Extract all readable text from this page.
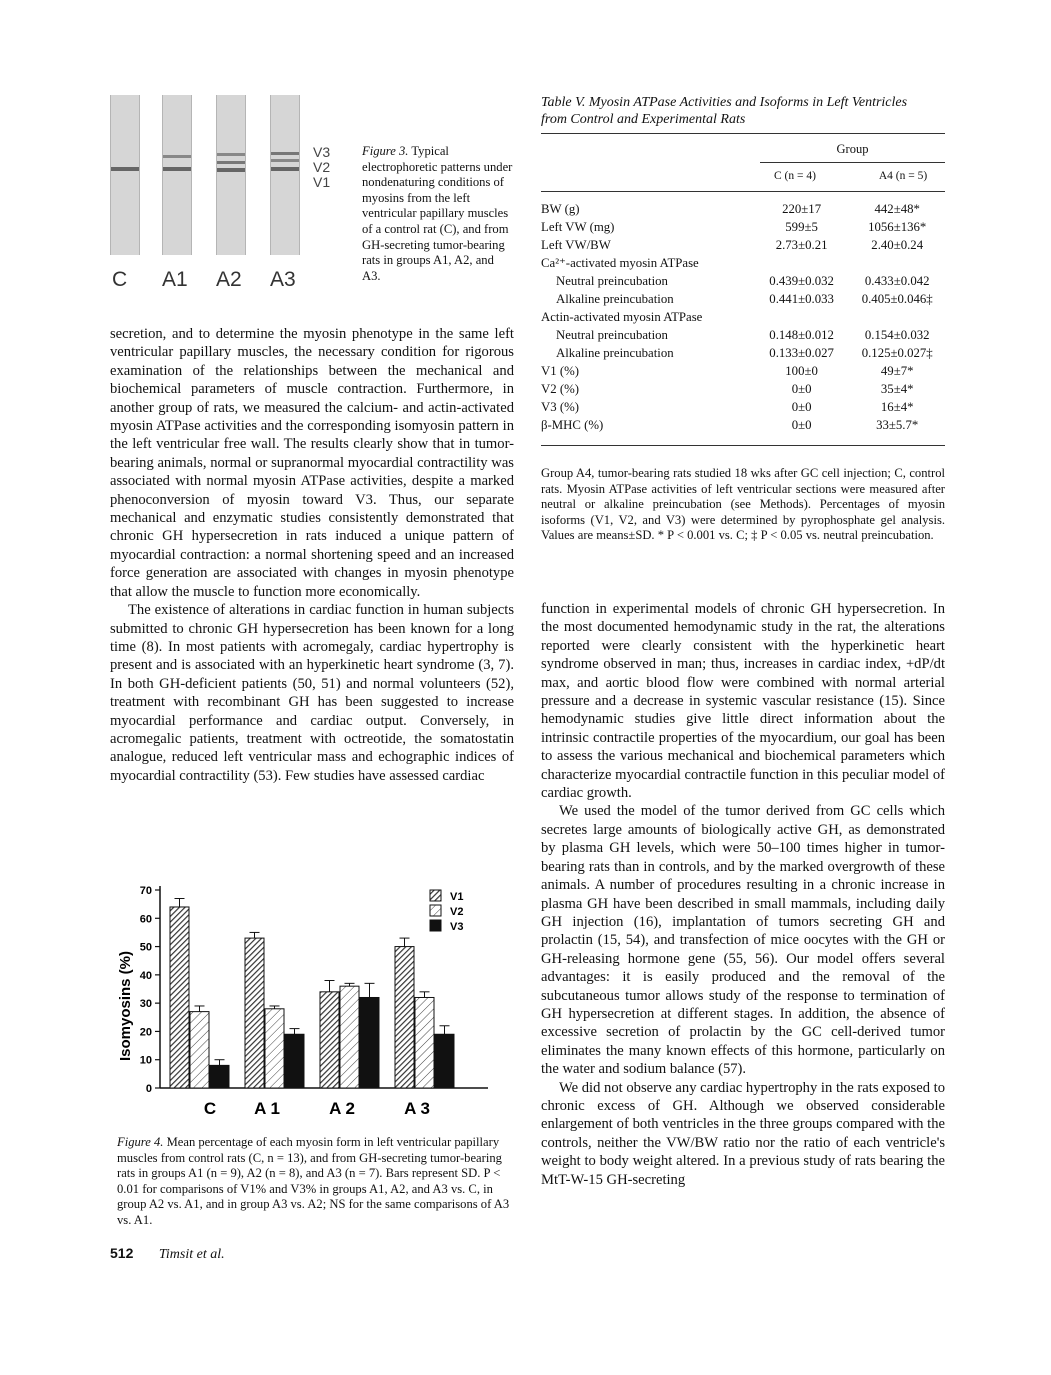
C A1 A2 A3
V3
V2
V1
Figure 3. Typical electrophoretic patterns under nondenaturing conditions of myosins from the left ventricular papillary muscles of a control rat (C), and from GH-secreting tumor-bearing rats in groups A1, A2, and A3.
Table V. Myosin ATPase Activities and Isoforms in Left Ventricles from Control and Experimental Rats
Group
C (n = 4)	A4 (n = 5)
BW (g)	220±17	442±48*
Left VW (mg)	599±5	1056±136*
Left VW/BW	2.73±0.21	2.40±0.24
Ca²⁺-activated myosin ATPase		
Neutral preincubation	0.439±0.032	0.433±0.042
Alkaline preincubation	0.441±0.033	0.405±0.046‡
Actin-activated myosin ATPase		
Neutral preincubation	0.148±0.012	0.154±0.032
Alkaline preincubation	0.133±0.027	0.125±0.027‡
V1 (%)	100±0	49±7*
V2 (%)	0±0	35±4*
V3 (%)	0±0	16±4*
β-MHC (%)	0±0	33±5.7*
Group A4, tumor-bearing rats studied 18 wks after GC cell injection; C, control rats. Myosin ATPase activities of left ventricular sections were measured after neutral or alkaline preincubation (see Methods). Percentages of myosin isoforms (V1, V2, and V3) were determined by pyrophosphate gel analysis. Values are means±SD. * P < 0.001 vs. C; ‡ P < 0.05 vs. neutral preincubation.

secretion, and to determine the myosin phenotype in the same left ventricular papillary muscles, the necessary condition for rigorous examination of the relationships between the mechanical and biochemical parameters of muscle contraction. Furthermore, in another group of rats, we measured the calcium- and actin-activated myosin ATPase activities and the corresponding isomyosin pattern in the left ventricular free wall. The results clearly show that in tumor-bearing animals, normal or supranormal myocardial contractility was associated with normal myosin ATPase activities, despite a marked phenoconversion of myosin toward V3. Thus, our separate mechanical and enzymatic studies consistently demonstrated that chronic GH hypersecretion in rats induced a unique pattern of myocardial contraction: a normal shortening speed and an increased force generation are associated with changes in myosin phenotype that allow the muscle to function more economically.

The existence of alterations in cardiac function in human subjects submitted to chronic GH hypersecretion has been known for a long time (8). In most patients with acromegaly, cardiac hypertrophy is present and is associated with an hyperkinetic heart syndrome (3, 7). In both GH-deficient patients (50, 51) and normal volunteers (52), treatment with recombinant GH has been suggested to increase myocardial performance and cardiac output. Conversely, in acromegalic patients, treatment with octreotide, the somatostatin analogue, reduced left ventricular mass and echographic indices of myocardial contractility (53). Few studies have assessed cardiac

function in experimental models of chronic GH hypersecretion. In the most documented hemodynamic study in the rat, the alterations reported were clearly consistent with the hyperkinetic heart syndrome observed in man; thus, increases in cardiac index, +dP/dt max, and aortic blood flow were combined with normal arterial pressure and a decrease in systemic vascular resistance (15). Since hemodynamic studies give little direct information about the intrinsic contractile properties of the myocardium, our goal has been to assess the various mechanical and biochemical parameters which characterize myocardial contractile function in this peculiar model of cardiac growth.

We used the model of the tumor derived from GC cells which secretes large amounts of biologically active GH, as demonstrated by plasma GH levels, which were 50–100 times higher in tumor-bearing rats than in controls, and by the marked overgrowth of these animals. A number of procedures resulting in a chronic increase in plasma GH have been described in small mammals, including daily GH injection (16), implantation of tumors secreting GH and prolactin (15, 54), and transfection of mice oocytes with the GH or GH-releasing hormone gene (55, 56). Our model offers several advantages: it is easily produced and the removal of the subcutaneous tumor allows study of the response to termination of GH hypersecretion at different stages. In addition, the absence of excessive secretion of prolactin by the GC cell-derived tumor eliminates the many known effects of this hormone, particularly on the water and sodium balance (57).

We did not observe any cardiac hypertrophy in the rats exposed to chronic excess of GH. Although we observed considerable enlargement of both ventricles in the three groups compared with the controls, neither the VW/BW ratio nor the ratio of each ventricle's weight to body weight altered. In a previous study of rats bearing the MtT-W-15 GH-secreting

0
10
20
30
40
50
60
70
C A 1	A 2	A 3
V1
V2
V3
Isomyosins (%)
Figure 4. Mean percentage of each myosin form in left ventricular papillary muscles from control rats (C, n = 13), and from GH-secreting tumor-bearing rats in groups A1 (n = 9), A2 (n = 8), and A3 (n = 7). Bars represent SD. P < 0.01 for comparisons of V1% and V3% in groups A1, A2, and A3 vs. C, in group A2 vs. A1, and in group A3 vs. A2; NS for the same comparisons of A3 vs. A1.
512 Timsit et al.
